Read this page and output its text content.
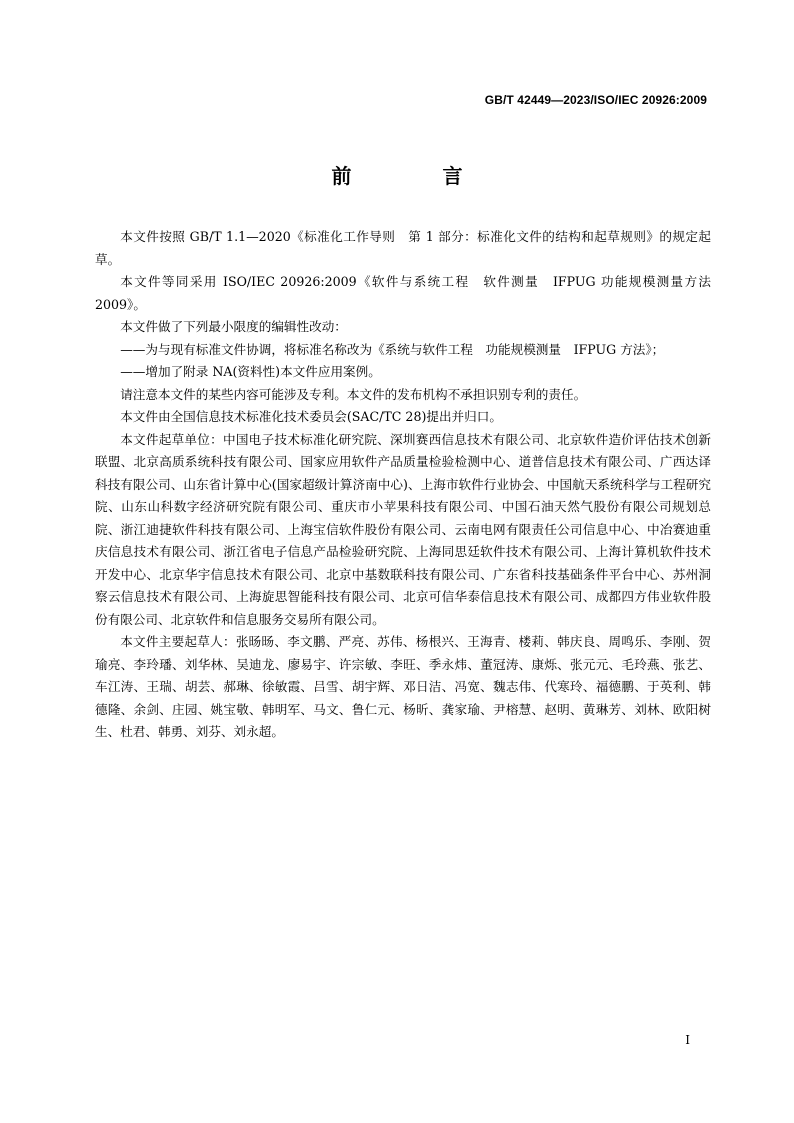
GB/T 42449—2023/ISO/IEC 20926:2009
前 言

本文件按照 GB/T 1.1—2020《标准化工作导则　第 1 部分：标准化文件的结构和起草规则》的规定起草。

本文件等同采用 ISO/IEC 20926:2009《软件与系统工程　软件测量　IFPUG 功能规模测量方法 2009》。

本文件做了下列最小限度的编辑性改动：

——为与现有标准文件协调，将标准名称改为《系统与软件工程　功能规模测量　IFPUG 方法》；

——增加了附录 NA(资料性)本文件应用案例。

请注意本文件的某些内容可能涉及专利。本文件的发布机构不承担识别专利的责任。

本文件由全国信息技术标准化技术委员会(SAC/TC 28)提出并归口。

本文件起草单位：中国电子技术标准化研究院、深圳赛西信息技术有限公司、北京软件造价评估技术创新联盟、北京高质系统科技有限公司、国家应用软件产品质量检验检测中心、道普信息技术有限公司、广西达译科技有限公司、山东省计算中心(国家超级计算济南中心)、上海市软件行业协会、中国航天系统科学与工程研究院、山东山科数字经济研究院有限公司、重庆市小苹果科技有限公司、中国石油天然气股份有限公司规划总院、浙江迪捷软件科技有限公司、上海宝信软件股份有限公司、云南电网有限责任公司信息中心、中冶赛迪重庆信息技术有限公司、浙江省电子信息产品检验研究院、上海同思廷软件技术有限公司、上海计算机软件技术开发中心、北京华宇信息技术有限公司、北京中基数联科技有限公司、广东省科技基础条件平台中心、苏州洞察云信息技术有限公司、上海旋思智能科技有限公司、北京可信华泰信息技术有限公司、成都四方伟业软件股份有限公司、北京软件和信息服务交易所有限公司。

本文件主要起草人：张旸旸、李文鹏、严亮、苏伟、杨根兴、王海青、楼莉、韩庆良、周鸣乐、李刚、贺瑜亮、李玲璠、刘华林、吴迪龙、廖易宇、许宗敏、李旺、季永炜、董冠涛、康烁、张元元、毛玲燕、张艺、车江涛、王瑞、胡芸、郝琳、徐敏霞、吕雪、胡宇辉、邓日洁、冯宽、魏志伟、代寒玲、福德鹏、于英利、韩德隆、余剑、庄园、姚宝敬、韩明军、马文、鲁仁元、杨昕、龚家瑜、尹榕慧、赵明、黄琳芳、刘林、欧阳树生、杜君、韩勇、刘芬、刘永超。

I
